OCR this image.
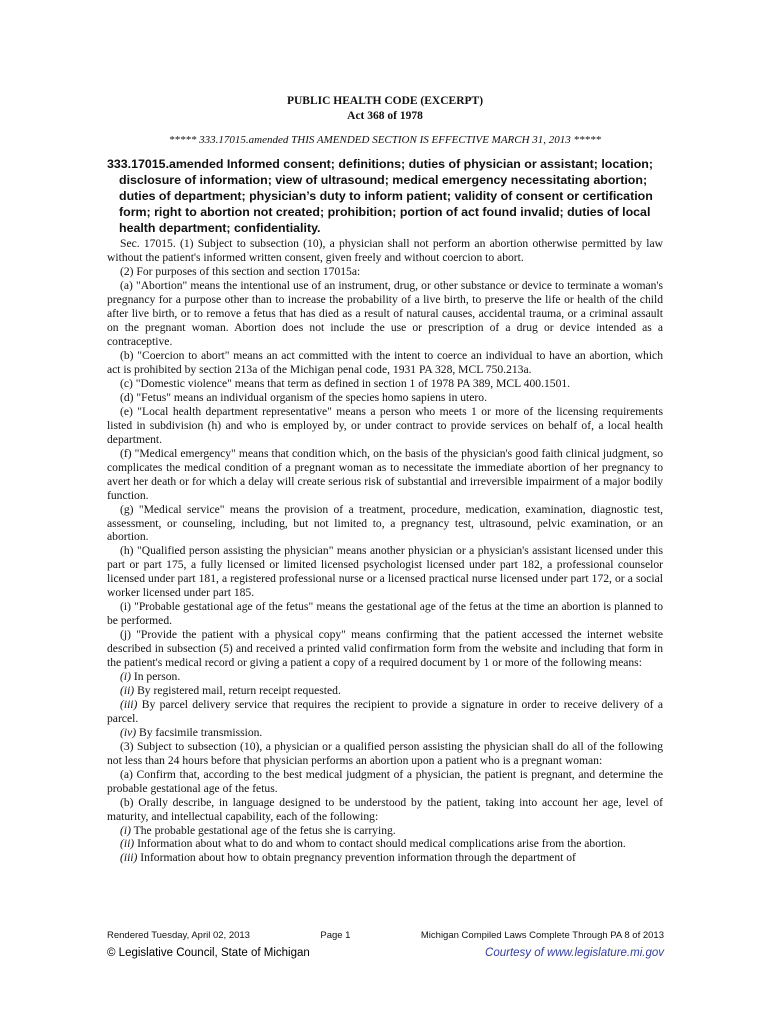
PUBLIC HEALTH CODE (EXCERPT)
Act 368 of 1978
***** 333.17015.amended THIS AMENDED SECTION IS EFFECTIVE MARCH 31, 2013 *****
333.17015.amended Informed consent; definitions; duties of physician or assistant; location; disclosure of information; view of ultrasound; medical emergency necessitating abortion; duties of department; physician’s duty to inform patient; validity of consent or certification form; right to abortion not created; prohibition; portion of act found invalid; duties of local health department; confidentiality.

Sec. 17015. (1) Subject to subsection (10), a physician shall not perform an abortion otherwise permitted by law without the patient's informed written consent, given freely and without coercion to abort.

(2) For purposes of this section and section 17015a:

(a) "Abortion" means the intentional use of an instrument, drug, or other substance or device to terminate a woman's pregnancy for a purpose other than to increase the probability of a live birth, to preserve the life or health of the child after live birth, or to remove a fetus that has died as a result of natural causes, accidental trauma, or a criminal assault on the pregnant woman. Abortion does not include the use or prescription of a drug or device intended as a contraceptive.

(b) "Coercion to abort" means an act committed with the intent to coerce an individual to have an abortion, which act is prohibited by section 213a of the Michigan penal code, 1931 PA 328, MCL 750.213a.

(c) "Domestic violence" means that term as defined in section 1 of 1978 PA 389, MCL 400.1501.

(d) "Fetus" means an individual organism of the species homo sapiens in utero.

(e) "Local health department representative" means a person who meets 1 or more of the licensing requirements listed in subdivision (h) and who is employed by, or under contract to provide services on behalf of, a local health department.

(f) "Medical emergency" means that condition which, on the basis of the physician's good faith clinical judgment, so complicates the medical condition of a pregnant woman as to necessitate the immediate abortion of her pregnancy to avert her death or for which a delay will create serious risk of substantial and irreversible impairment of a major bodily function.

(g) "Medical service" means the provision of a treatment, procedure, medication, examination, diagnostic test, assessment, or counseling, including, but not limited to, a pregnancy test, ultrasound, pelvic examination, or an abortion.

(h) "Qualified person assisting the physician" means another physician or a physician's assistant licensed under this part or part 175, a fully licensed or limited licensed psychologist licensed under part 182, a professional counselor licensed under part 181, a registered professional nurse or a licensed practical nurse licensed under part 172, or a social worker licensed under part 185.

(i) "Probable gestational age of the fetus" means the gestational age of the fetus at the time an abortion is planned to be performed.

(j) "Provide the patient with a physical copy" means confirming that the patient accessed the internet website described in subsection (5) and received a printed valid confirmation form from the website and including that form in the patient's medical record or giving a patient a copy of a required document by 1 or more of the following means:

(i) In person.

(ii) By registered mail, return receipt requested.

(iii) By parcel delivery service that requires the recipient to provide a signature in order to receive delivery of a parcel.

(iv) By facsimile transmission.

(3) Subject to subsection (10), a physician or a qualified person assisting the physician shall do all of the following not less than 24 hours before that physician performs an abortion upon a patient who is a pregnant woman:

(a) Confirm that, according to the best medical judgment of a physician, the patient is pregnant, and determine the probable gestational age of the fetus.

(b) Orally describe, in language designed to be understood by the patient, taking into account her age, level of maturity, and intellectual capability, each of the following:

(i) The probable gestational age of the fetus she is carrying.

(ii) Information about what to do and whom to contact should medical complications arise from the abortion.

(iii) Information about how to obtain pregnancy prevention information through the department of

Rendered Tuesday, April 02, 2013	Page 1	Michigan Compiled Laws Complete Through PA 8 of 2013
© Legislative Council, State of Michigan	Courtesy of www.legislature.mi.gov
